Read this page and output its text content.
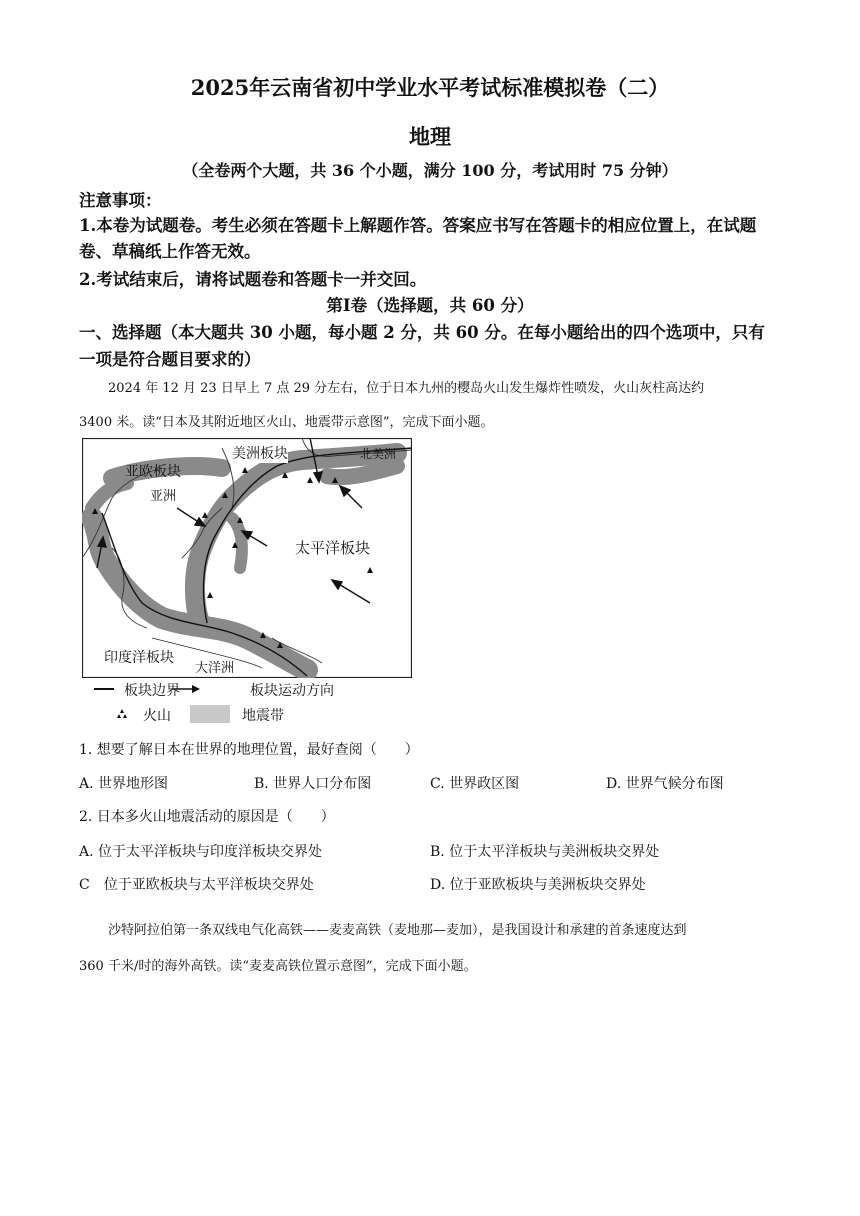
2025年云南省初中学业水平考试标准模拟卷（二）
地理
（全卷两个大题，共 36 个小题，满分 100 分，考试用时 75 分钟）
注意事项：
1.本卷为试题卷。考生必须在答题卡上解题作答。答案应书写在答题卡的相应位置上，在试题
卷、草稿纸上作答无效。
2.考试结束后，请将试题卷和答题卡一并交回。
第Ⅰ卷（选择题，共 60 分）
一、选择题（本大题共 30 小题，每小题 2 分，共 60 分。在每小题给出的四个选项中，只有
一项是符合题目要求的）
2024 年 12 月 23 日早上 7 点 29 分左右，位于日本九州的樱岛火山发生爆炸性喷发，火山灰柱高达约
3400 米。读“日本及其附近地区火山、地震带示意图”，完成下面小题。
亚欧板块
亚洲
美洲板块	北美洲
太平洋板块
印度洋板块
大洋洲
板块边界	板块运动方向
火山	地震带
1. 想要了解日本在世界的地理位置，最好查阅（　　）
A. 世界地形图	B. 世界人口分布图	C. 世界政区图	D. 世界气候分布图
2. 日本多火山地震活动的原因是（　　）
A. 位于太平洋板块与印度洋板块交界处	B. 位于太平洋板块与美洲板块交界处
C　位于亚欧板块与太平洋板块交界处	D. 位于亚欧板块与美洲板块交界处
沙特阿拉伯第一条双线电气化高铁——麦麦高铁（麦地那—麦加），是我国设计和承建的首条速度达到
360 千米/时的海外高铁。读“麦麦高铁位置示意图”，完成下面小题。
